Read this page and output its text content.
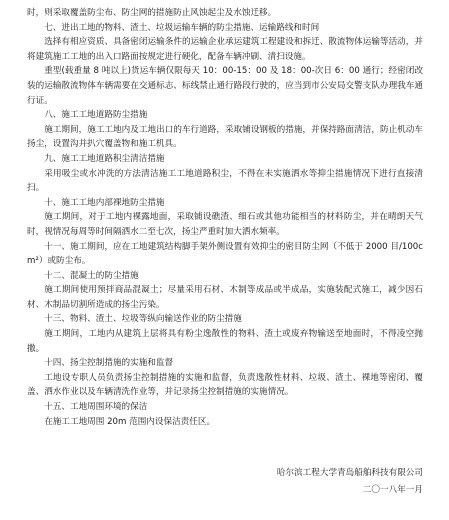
时，则采取覆盖防尘布、防尘网的措施防止风蚀起尘及水蚀迁移。

七、进出工地的物料、渣土、垃圾运输车辆的防尘措施、运输路线和时间

选择有相应资质、具备密闭运输条件的运输企业承运建筑工程建设和拆迁、散流物体运输等活动，并将建筑施工工地的出入口路面按规定进行硬化，配备车辆冲刷、清扫设施。

重型(载重量 8 吨以上)货运车辆仅限每天 10：00-15：00 及 18：00-次日 6：00 通行；经密闭改装的运输散流物体车辆需要在交通标志、标线禁止通行路段行驶的，应当到市公安局交警支队办理我车通行证。

八、施工工地道路防尘措施

施工期间，施工工地内及工地出口的车行道路，采取铺设钢板的措施，并保持路面清洁，防止机动车扬尘，设置沟并扒穴覆盖物和施工机具。

九、施工工地道路积尘清洁措施

采用吸尘或水冲洗的方法清洁施工工地道路积尘，不得在未实施洒水等抑尘措施情况下进行直接清扫。

十、施工工地内部裸地防尘措施

施工期间，对于工地内裸露地面，采取铺设礁渣、细石或其他功能相当的材料防尘，并在晴朗天气时，视情况每周等时间隔洒水二至七次，扬尘严重时加大洒水频率。

十一、施工期间，应在工地建筑结构脚手架外侧设置有效抑尘的密目防尘网（不低于 2000 目/100cm²）或防尘布。

十二、混凝土的防尘措施

施工期间使用预拌商品混凝土；尽量采用石材、木制等成品或半成品，实施装配式施工，减少因石材、木制品切割所造成的扬尘污染。

十三、物料、渣土、垃圾等纵向输送作业的防尘措施

施工期间，工地内从建筑上层将具有粉尘逸散性的物料、渣土或废弃物输送至地面时，不得凌空抛撒。

十四、扬尘控制措施的实施和监督

工地设专职人员负责扬尘控制措施的实施和监督，负责逸散性材料、垃圾、渣土、裸地等密闭、覆盖、洒水作业以及车辆清洗作业等，并记录扬尘控制措施的实施情况。

十五、工地周围环境的保洁

在施工工地周围 20m 范围内设保洁责任区。

哈尔滨工程大学青岛船舶科技有限公司
二〇一八年一月
